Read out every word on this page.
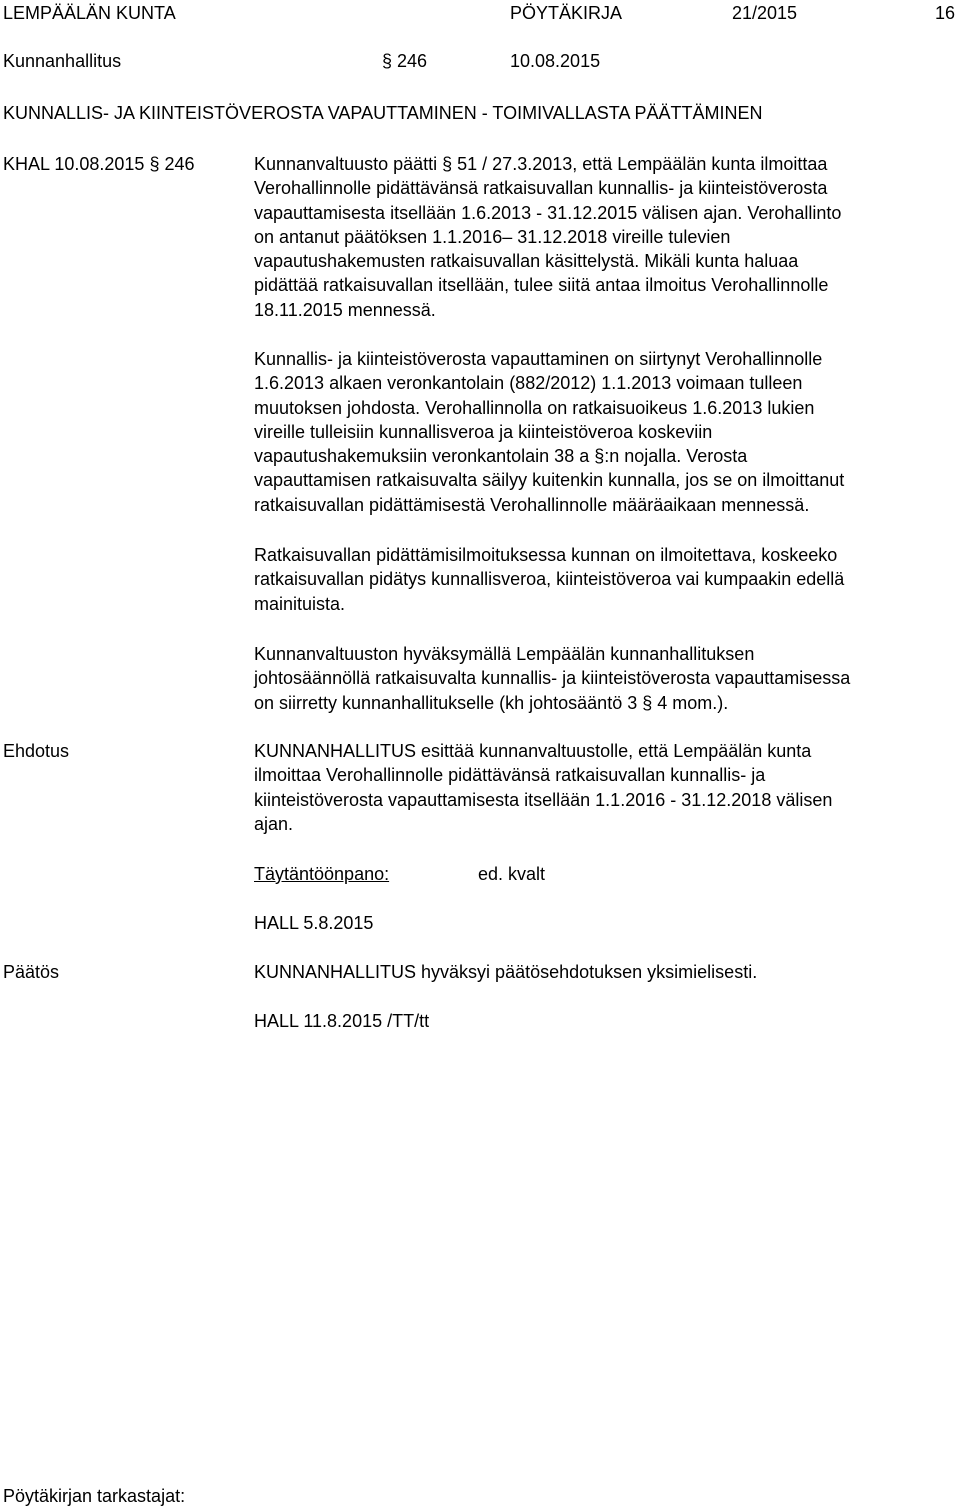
LEMPÄÄLÄN KUNTA	PÖYTÄKIRJA	21/2015	16
Kunnanhallitus	§ 246	10.08.2015
KUNNALLIS- JA KIINTEISTÖVEROSTA VAPAUTTAMINEN - TOIMIVALLASTA PÄÄTTÄMINEN
KHAL 10.08.2015 § 246	Kunnanvaltuusto päätti § 51 / 27.3.2013, että Lempäälän kunta ilmoittaa

Verohallinnolle pidättävänsä ratkaisuvallan kunnallis- ja kiinteistöverosta

vapauttamisesta itsellään 1.6.2013 - 31.12.2015 välisen ajan. Verohallinto

on antanut päätöksen 1.1.2016– 31.12.2018 vireille tulevien

vapautushakemusten ratkaisuvallan käsittelystä. Mikäli kunta haluaa

pidättää ratkaisuvallan itsellään, tulee siitä antaa ilmoitus Verohallinnolle

18.11.2015 mennessä.

Kunnallis- ja kiinteistöverosta vapauttaminen on siirtynyt Verohallinnolle

1.6.2013 alkaen veronkantolain (882/2012) 1.1.2013 voimaan tulleen

muutoksen johdosta. Verohallinnolla on ratkaisuoikeus 1.6.2013 lukien

vireille tulleisiin kunnallisveroa ja kiinteistöveroa koskeviin

vapautushakemuksiin veronkantolain 38 a §:n nojalla. Verosta

vapauttamisen ratkaisuvalta säilyy kuitenkin kunnalla, jos se on ilmoittanut

ratkaisuvallan pidättämisestä Verohallinnolle määräaikaan mennessä.

Ratkaisuvallan pidättämisilmoituksessa kunnan on ilmoitettava, koskeeko

ratkaisuvallan pidätys kunnallisveroa, kiinteistöveroa vai kumpaakin edellä

mainituista.

Kunnanvaltuuston hyväksymällä Lempäälän kunnanhallituksen

johtosäännöllä ratkaisuvalta kunnallis- ja kiinteistöverosta vapauttamisessa

on siirretty kunnanhallitukselle (kh johtosääntö 3 § 4 mom.).

Ehdotus	KUNNANHALLITUS esittää kunnanvaltuustolle, että Lempäälän kunta

ilmoittaa Verohallinnolle pidättävänsä ratkaisuvallan kunnallis- ja

kiinteistöverosta vapauttamisesta itsellään 1.1.2016 - 31.12.2018 välisen

ajan.

Täytäntöönpano:	ed. kvalt
HALL 5.8.2015
Päätös	KUNNANHALLITUS hyväksyi päätösehdotuksen yksimielisesti.
HALL 11.8.2015 /TT/tt
Pöytäkirjan tarkastajat:
